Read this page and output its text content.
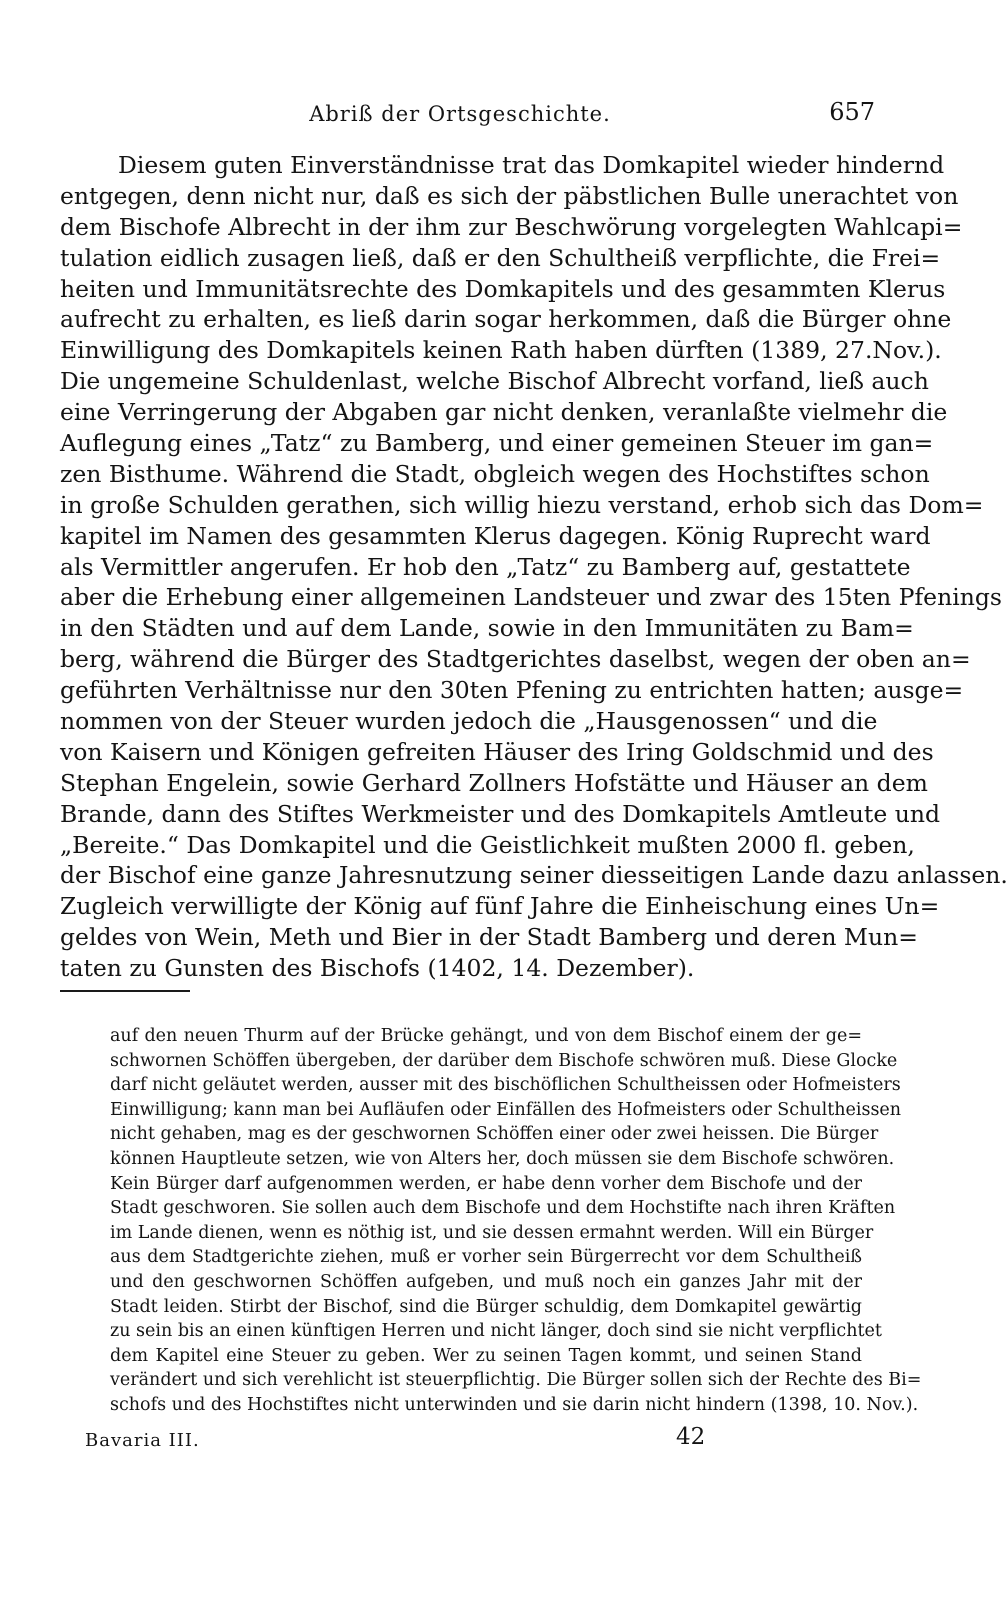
Abriß der Ortsgeschichte.	657
Diesem guten Einverständnisse trat das Domkapitel wieder hindernd
entgegen, denn nicht nur, daß es sich der päbstlichen Bulle unerachtet von
dem Bischofe Albrecht in der ihm zur Beschwörung vorgelegten Wahlcapi=
tulation eidlich zusagen ließ, daß er den Schultheiß verpflichte, die Frei=
heiten und Immunitätsrechte des Domkapitels und des gesammten Klerus
aufrecht zu erhalten, es ließ darin sogar herkommen, daß die Bürger ohne
Einwilligung des Domkapitels keinen Rath haben dürften (1389, 27.Nov.).
Die ungemeine Schuldenlast, welche Bischof Albrecht vorfand, ließ auch
eine Verringerung der Abgaben gar nicht denken, veranlaßte vielmehr die
Auflegung eines „Tatz“ zu Bamberg, und einer gemeinen Steuer im gan=
zen Bisthume. Während die Stadt, obgleich wegen des Hochstiftes schon
in große Schulden gerathen, sich willig hiezu verstand, erhob sich das Dom=
kapitel im Namen des gesammten Klerus dagegen. König Ruprecht ward
als Vermittler angerufen. Er hob den „Tatz“ zu Bamberg auf, gestattete
aber die Erhebung einer allgemeinen Landsteuer und zwar des 15ten Pfenings
in den Städten und auf dem Lande, sowie in den Immunitäten zu Bam=
berg, während die Bürger des Stadtgerichtes daselbst, wegen der oben an=
geführten Verhältnisse nur den 30ten Pfening zu entrichten hatten; ausge=
nommen von der Steuer wurden jedoch die „Hausgenossen“ und die
von Kaisern und Königen gefreiten Häuser des Iring Goldschmid und des
Stephan Engelein, sowie Gerhard Zollners Hofstätte und Häuser an dem
Brande, dann des Stiftes Werkmeister und des Domkapitels Amtleute und
„Bereite.“ Das Domkapitel und die Geistlichkeit mußten 2000 fl. geben,
der Bischof eine ganze Jahresnutzung seiner diesseitigen Lande dazu anlassen.
Zugleich verwilligte der König auf fünf Jahre die Einheischung eines Un=
geldes von Wein, Meth und Bier in der Stadt Bamberg und deren Mun=
taten zu Gunsten des Bischofs (1402, 14. Dezember).
auf den neuen Thurm auf der Brücke gehängt, und von dem Bischof einem der ge=
schwornen Schöffen übergeben, der darüber dem Bischofe schwören muß. Diese Glocke
darf nicht geläutet werden, ausser mit des bischöflichen Schultheissen oder Hofmeisters
Einwilligung; kann man bei Aufläufen oder Einfällen des Hofmeisters oder Schultheissen
nicht gehaben, mag es der geschwornen Schöffen einer oder zwei heissen. Die Bürger
können Hauptleute setzen, wie von Alters her, doch müssen sie dem Bischofe schwören.
Kein Bürger darf aufgenommen werden, er habe denn vorher dem Bischofe und der
Stadt geschworen. Sie sollen auch dem Bischofe und dem Hochstifte nach ihren Kräften
im Lande dienen, wenn es nöthig ist, und sie dessen ermahnt werden. Will ein Bürger
aus dem Stadtgerichte ziehen, muß er vorher sein Bürgerrecht vor dem Schultheiß
und den geschwornen Schöffen aufgeben, und muß noch ein ganzes Jahr mit der
Stadt leiden. Stirbt der Bischof, sind die Bürger schuldig, dem Domkapitel gewärtig
zu sein bis an einen künftigen Herren und nicht länger, doch sind sie nicht verpflichtet
dem Kapitel eine Steuer zu geben. Wer zu seinen Tagen kommt, und seinen Stand
verändert und sich verehlicht ist steuerpflichtig. Die Bürger sollen sich der Rechte des Bi=
schofs und des Hochstiftes nicht unterwinden und sie darin nicht hindern (1398, 10. Nov.).
Bavaria III.	42
